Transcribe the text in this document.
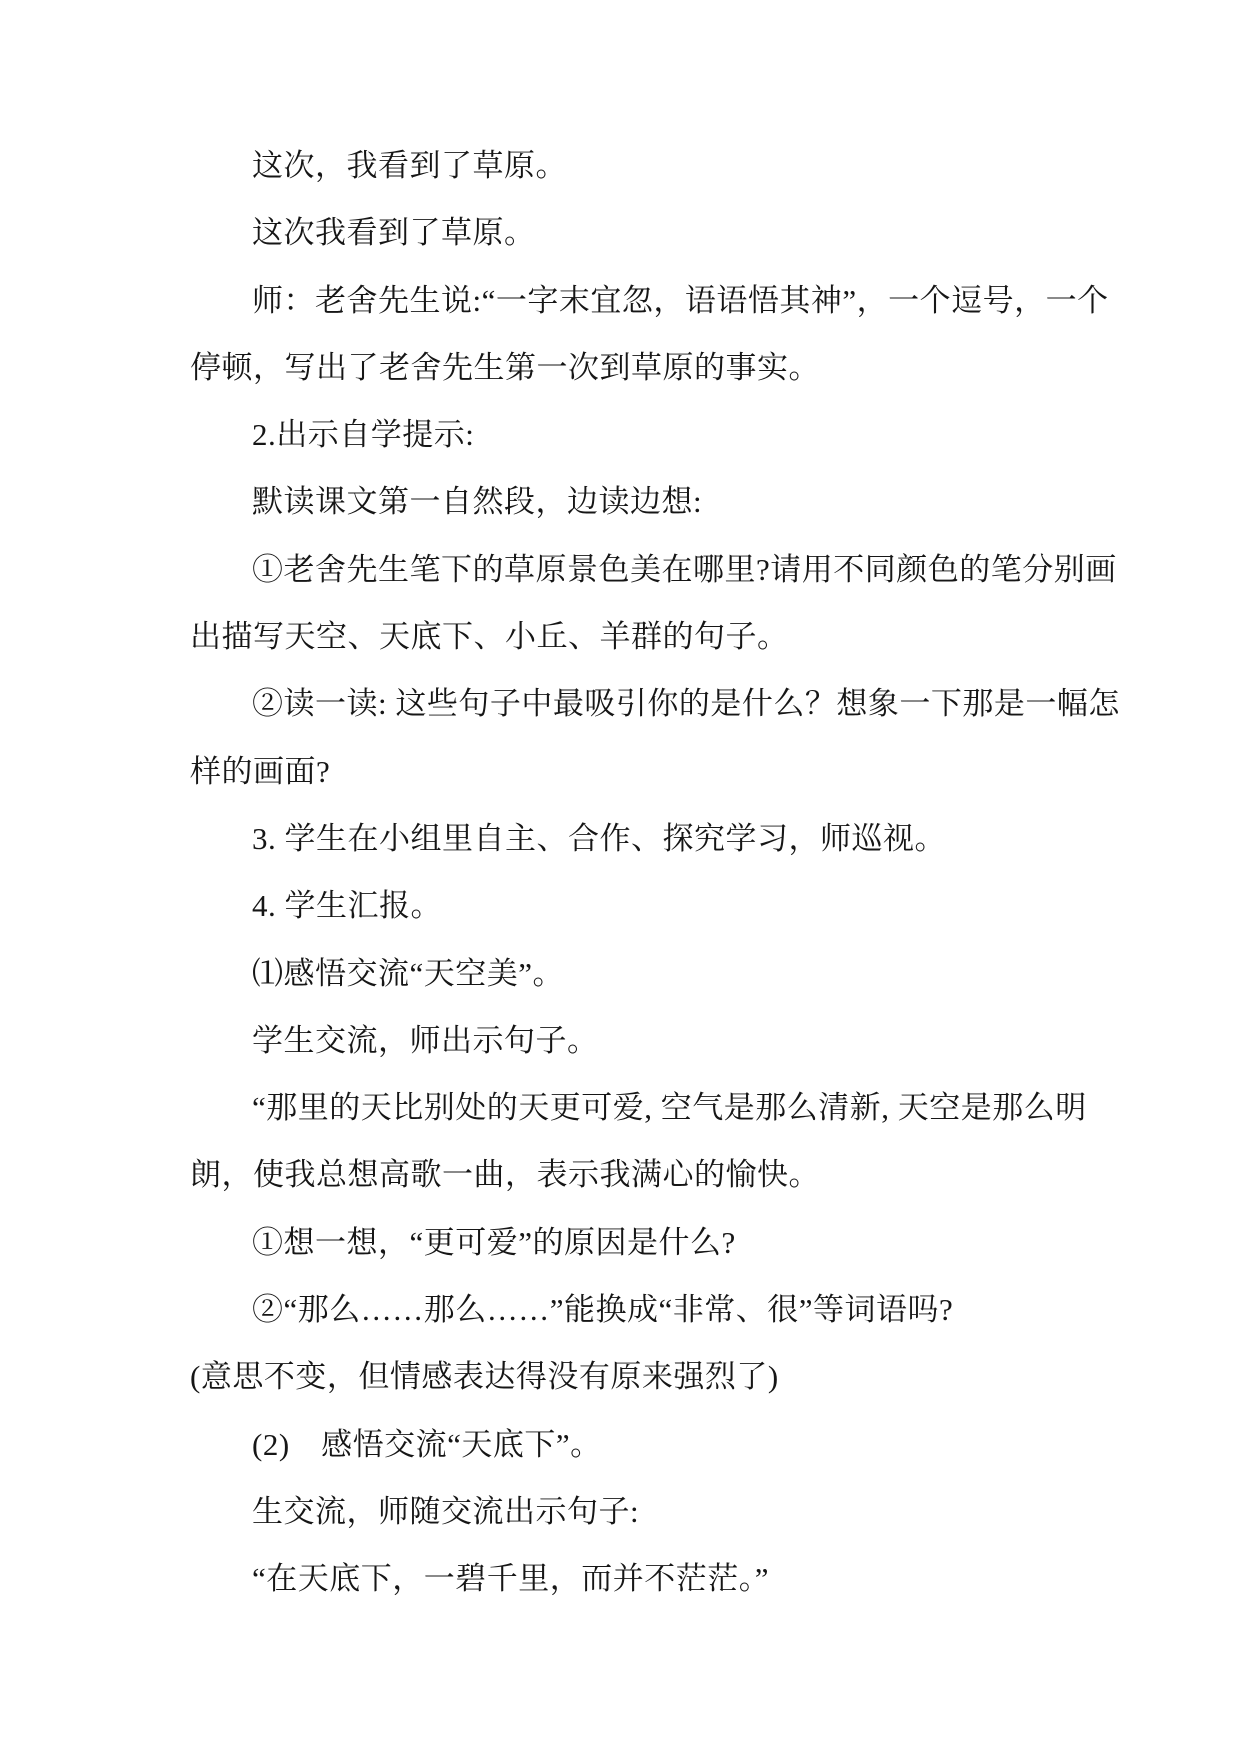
这次，我看到了草原。
这次我看到了草原。
师：老舍先生说:“一字末宜忽，语语悟其神”，一个逗号，一个
停顿，写出了老舍先生第一次到草原的事实。
2.出示自学提示:
默读课文第一自然段，边读边想:
①老舍先生笔下的草原景色美在哪里?请用不同颜色的笔分别画
出描写天空、天底下、小丘、羊群的句子。
②读一读: 这些句子中最吸引你的是什么？想象一下那是一幅怎
样的画面?
3. 学生在小组里自主、合作、探究学习，师巡视。
4. 学生汇报。
⑴感悟交流“天空美”。
学生交流，师出示句子。
“那里的天比别处的天更可爱, 空气是那么清新, 天空是那么明
朗，使我总想高歌一曲，表示我满心的愉快。
①想一想，“更可爱”的原因是什么?
②“那么……那么……”能换成“非常、很”等词语吗?
(意思不变，但情感表达得没有原来强烈了)
(2)　感悟交流“天底下”。
生交流，师随交流出示句子:
“在天底下，一碧千里，而并不茫茫。”
